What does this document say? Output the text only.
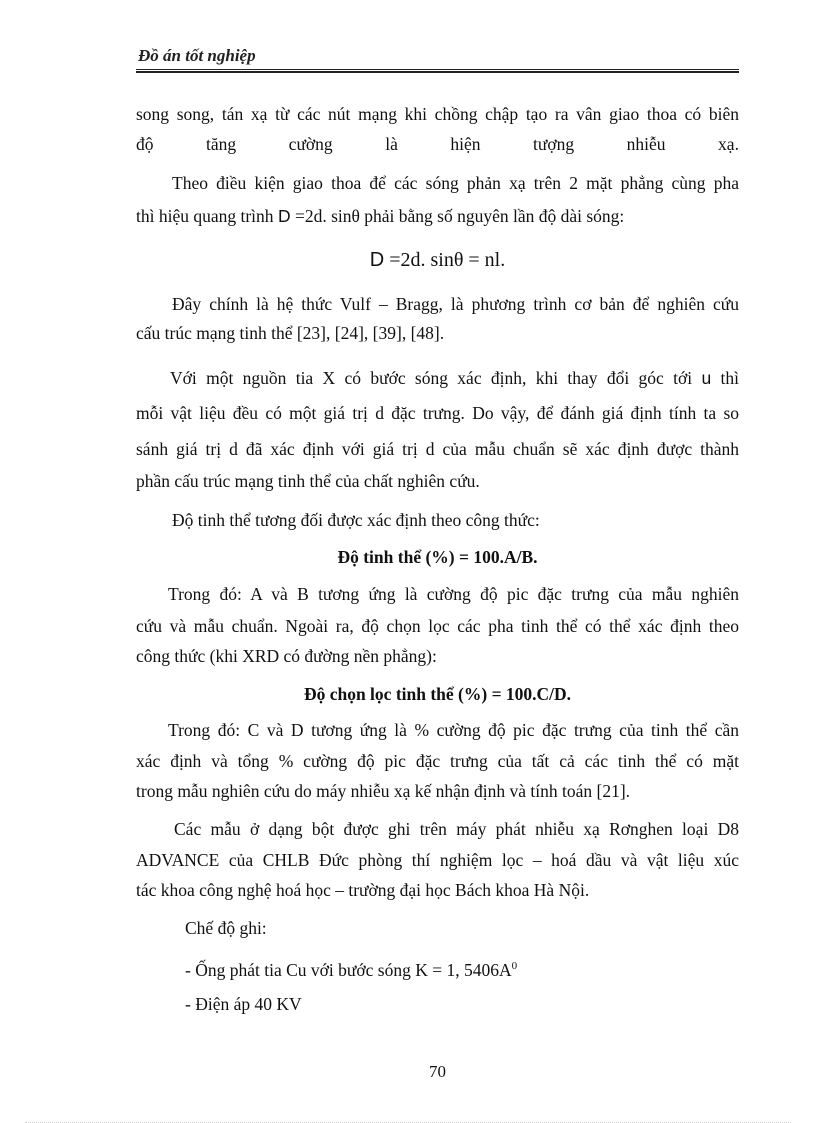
Đồ án tốt nghiệp
song song, tán xạ từ các nút mạng khi chồng chập tạo ra vân giao thoa có biên
độ	tăng	cường	là	hiện	tượng	nhiễu	xạ.
Theo điều kiện giao thoa để các sóng phản xạ trên 2 mặt phẳng cùng pha
thì hiệu quang trình D =2d. sinθ phải bằng số nguyên lần độ dài sóng:
D =2d. sinθ = nl.
Đây chính là hệ thức Vulf – Bragg, là phương trình cơ bản để nghiên cứu
cấu trúc mạng tinh thể [23], [24], [39], [48].
Với một nguồn tia X có bước sóng xác định, khi thay đổi góc tới u thì
mỗi vật liệu đều có một giá trị d đặc trưng. Do vậy, để đánh giá định tính ta so
sánh giá trị d đã xác định với giá trị d của mẫu chuẩn sẽ xác định được thành
phần cấu trúc mạng tinh thể của chất nghiên cứu.
Độ tinh thể tương đối được xác định theo công thức:
Độ tinh thể (%) = 100.A/B.
Trong đó: A và B tương ứng là cường độ pic đặc trưng của mẫu nghiên
cứu và mẫu chuẩn. Ngoài ra, độ chọn lọc các pha tinh thể có thể xác định theo
công thức (khi XRD có đường nền phẳng):
Độ chọn lọc tinh thể (%) = 100.C/D.
Trong đó: C và D tương ứng là % cường độ pic đặc trưng của tinh thể cần
xác định và tổng % cường độ pic đặc trưng của tất cả các tinh thể có mặt
trong mẫu nghiên cứu do máy nhiễu xạ kế nhận định và tính toán [21].
Các mẫu ở dạng bột được ghi trên máy phát nhiễu xạ Rơnghen loại D8
ADVANCE của CHLB Đức phòng thí nghiệm lọc – hoá dầu và vật liệu xúc
tác khoa công nghệ hoá học – trường đại học Bách khoa Hà Nội.
Chế độ ghi:
- Ống phát tia Cu với bước sóng K = 1, $5406A^0$
- Điện áp 40 KV
70
